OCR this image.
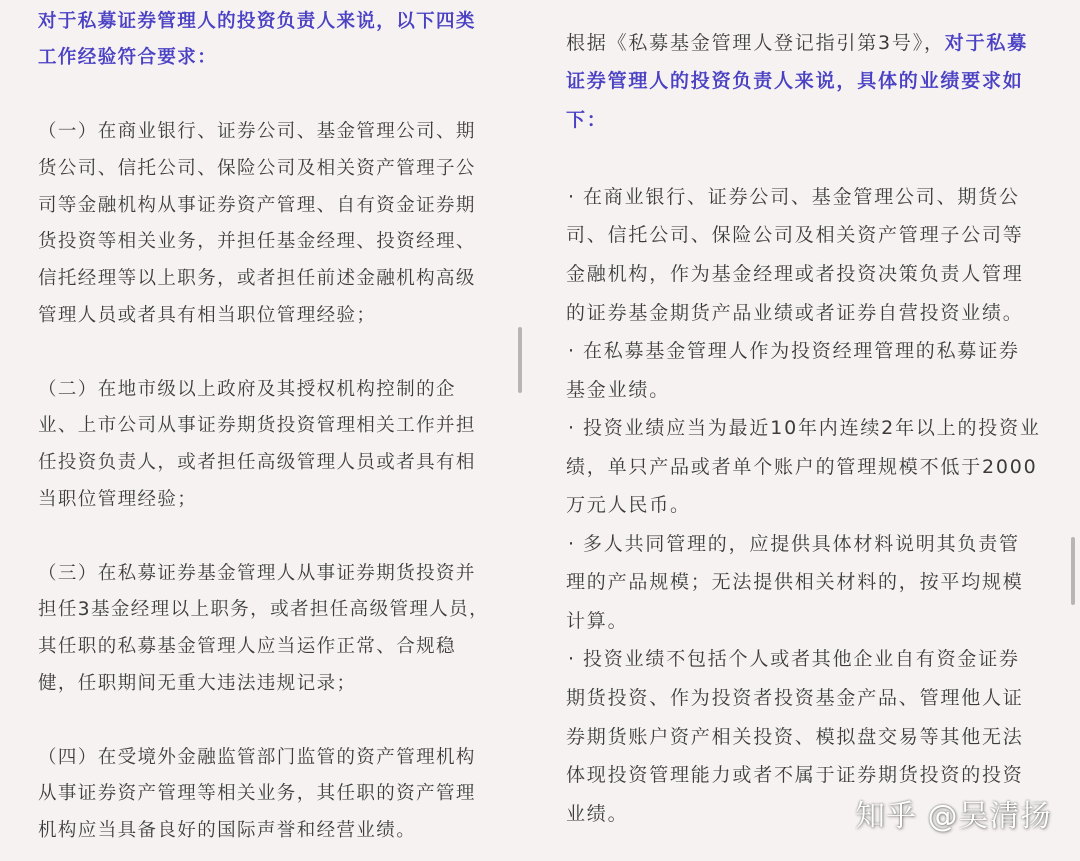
对于私募证券管理人的投资负责人来说，以下四类
工作经验符合要求：
（一）在商业银行、证券公司、基金管理公司、期
货公司、信托公司、保险公司及相关资产管理子公
司等金融机构从事证券资产管理、自有资金证券期
货投资等相关业务，并担任基金经理、投资经理、
信托经理等以上职务，或者担任前述金融机构高级
管理人员或者具有相当职位管理经验；
（二）在地市级以上政府及其授权机构控制的企
业、上市公司从事证券期货投资管理相关工作并担
任投资负责人，或者担任高级管理人员或者具有相
当职位管理经验；
（三）在私募证券基金管理人从事证券期货投资并
担任3基金经理以上职务，或者担任高级管理人员，
其任职的私募基金管理人应当运作正常、合规稳
健，任职期间无重大违法违规记录；
（四）在受境外金融监管部门监管的资产管理机构
从事证券资产管理等相关业务，其任职的资产管理
机构应当具备良好的国际声誉和经营业绩。
根据《私募基金管理人登记指引第3号》，对于私募
证券管理人的投资负责人来说，具体的业绩要求如
下：
· 在商业银行、证券公司、基金管理公司、期货公
司、信托公司、保险公司及相关资产管理子公司等
金融机构，作为基金经理或者投资决策负责人管理
的证券基金期货产品业绩或者证券自营投资业绩。
· 在私募基金管理人作为投资经理管理的私募证券
基金业绩。
· 投资业绩应当为最近10年内连续2年以上的投资业
绩，单只产品或者单个账户的管理规模不低于2000
万元人民币。
· 多人共同管理的，应提供具体材料说明其负责管
理的产品规模；无法提供相关材料的，按平均规模
计算。
· 投资业绩不包括个人或者其他企业自有资金证券
期货投资、作为投资者投资基金产品、管理他人证
券期货账户资产相关投资、模拟盘交易等其他无法
体现投资管理能力或者不属于证券期货投资的投资
业绩。	知乎 @吴清扬
